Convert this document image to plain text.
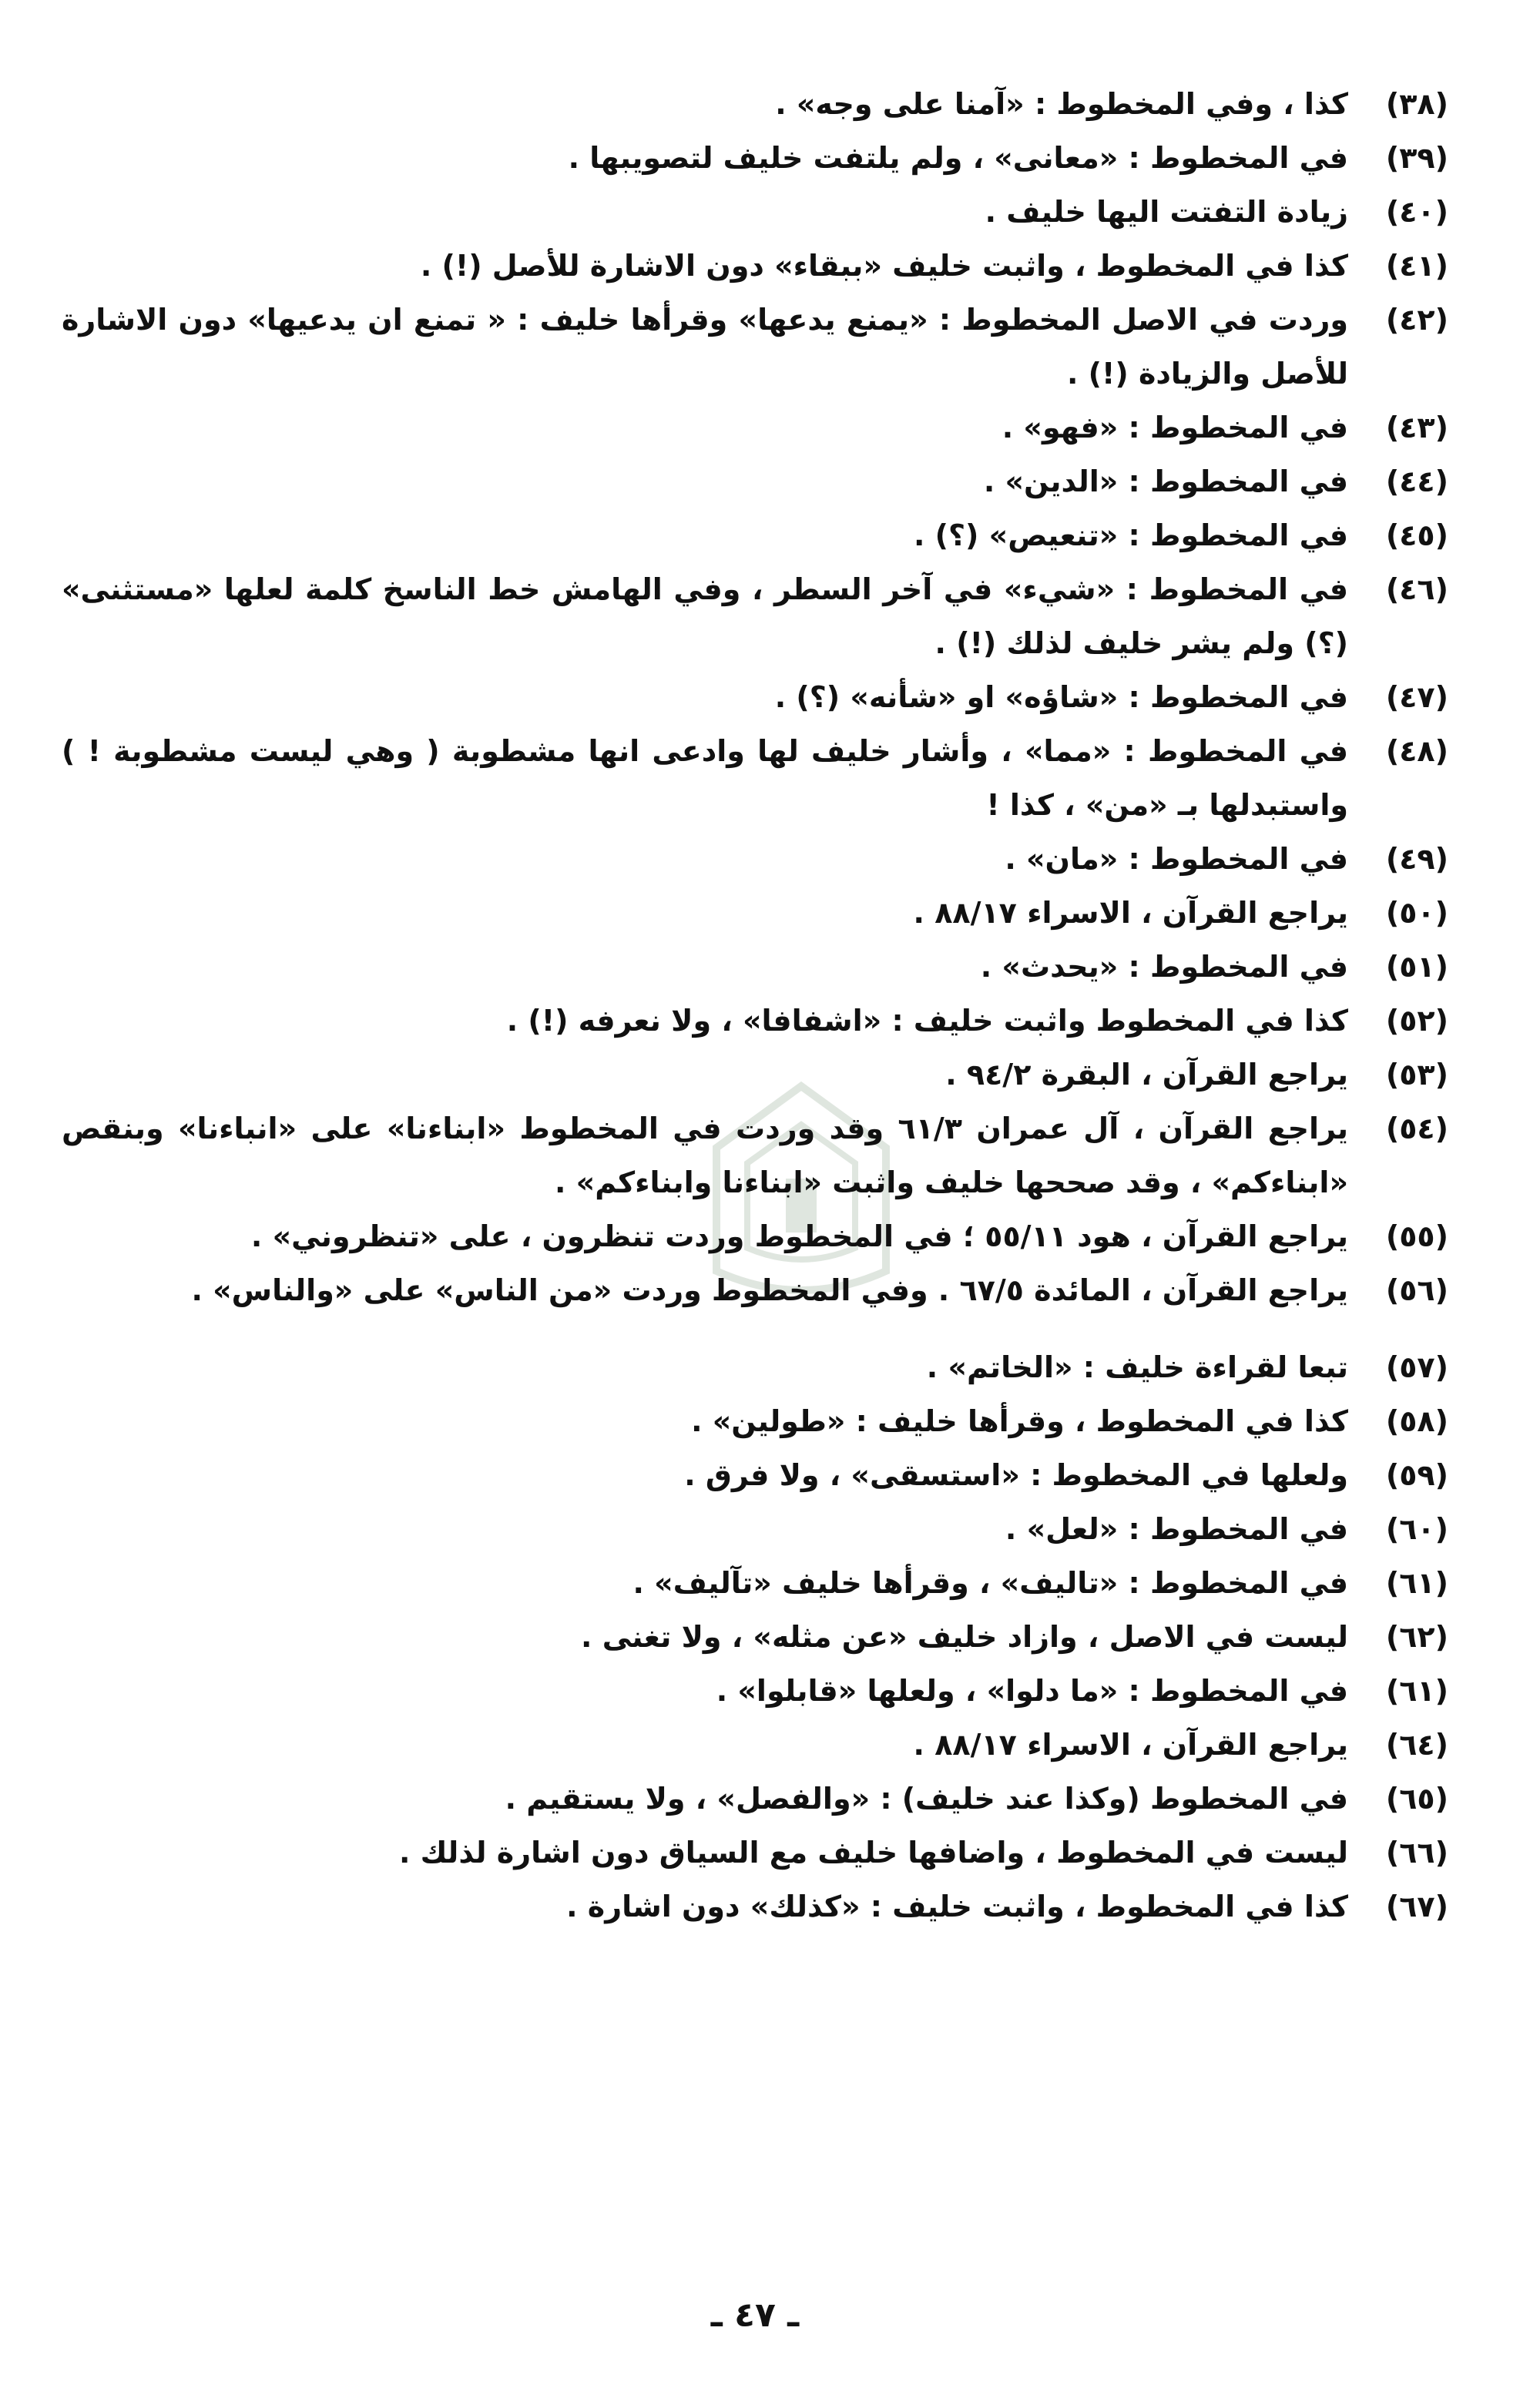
(٣٨)
كذا ، وفي المخطوط : «آمنا على وجه» .
(٣٩)
في المخطوط : «معانى» ، ولم يلتفت خليف لتصويبها .
(٤٠)
زيادة التفتت اليها خليف .
(٤١)
كذا في المخطوط ، واثبت خليف «ببقاء» دون الاشارة للأصل (!) .
(٤٢)
وردت في الاصل المخطوط : «يمنع يدعها» وقرأها خليف : « تمنع ان يدعيها» دون الاشارة للأصل والزيادة (!) .
(٤٣)
في المخطوط : «فهو» .
(٤٤)
في المخطوط : «الدين» .
(٤٥)
في المخطوط : «تنعيص» (؟) .
(٤٦)
في المخطوط : «شيء» في آخر السطر ، وفي الهامش خط الناسخ كلمة لعلها «مستثنى» (؟) ولم يشر خليف لذلك (!) .
(٤٧)
في المخطوط : «شاؤه» او «شأنه» (؟) .
(٤٨)
في المخطوط : «مما» ، وأشار خليف لها وادعى انها مشطوبة ( وهي ليست مشطوبة ! ) واستبدلها بـ «من» ، كذا !
(٤٩)
في المخطوط : «مان» .
(٥٠)
يراجع القرآن ، الاسراء ٨٨/١٧ .
(٥١)
في المخطوط : «يحدث» .
(٥٢)
كذا في المخطوط واثبت خليف : «اشفافا» ، ولا نعرفه (!) .
(٥٣)
يراجع القرآن ، البقرة ٩٤/٢ .
(٥٤)
يراجع القرآن ، آل عمران ٦١/٣ وقد وردت في المخطوط «ابناءنا» على «انباءنا» وبنقص «ابناءكم» ، وقد صححها خليف واثبت «ابناءنا وابناءكم» .
(٥٥)
يراجع القرآن ، هود ٥٥/١١ ؛ في المخطوط وردت تنظرون ، على «تنظروني» .
(٥٦)
يراجع القرآن ، المائدة ٦٧/٥ . وفي المخطوط وردت «من الناس» على «والناس» .
(٥٧)
تبعا لقراءة خليف : «الخاتم» .
(٥٨)
كذا في المخطوط ، وقرأها خليف : «طولين» .
(٥٩)
ولعلها في المخطوط : «استسقى» ، ولا فرق .
(٦٠)
في المخطوط : «لعل» .
(٦١)
في المخطوط : «تاليف» ، وقرأها خليف «تآليف» .
(٦٢)
ليست في الاصل ، وازاد خليف «عن مثله» ، ولا تغنى .
(٦١)
في المخطوط : «ما دلوا» ، ولعلها «قابلوا» .
(٦٤)
يراجع القرآن ، الاسراء ٨٨/١٧ .
(٦٥)
في المخطوط (وكذا عند خليف) : «والفصل» ، ولا يستقيم .
(٦٦)
ليست في المخطوط ، واضافها خليف مع السياق دون اشارة لذلك .
(٦٧)
كذا في المخطوط ، واثبت خليف : «كذلك» دون اشارة .
ـ ٤٧ ـ
